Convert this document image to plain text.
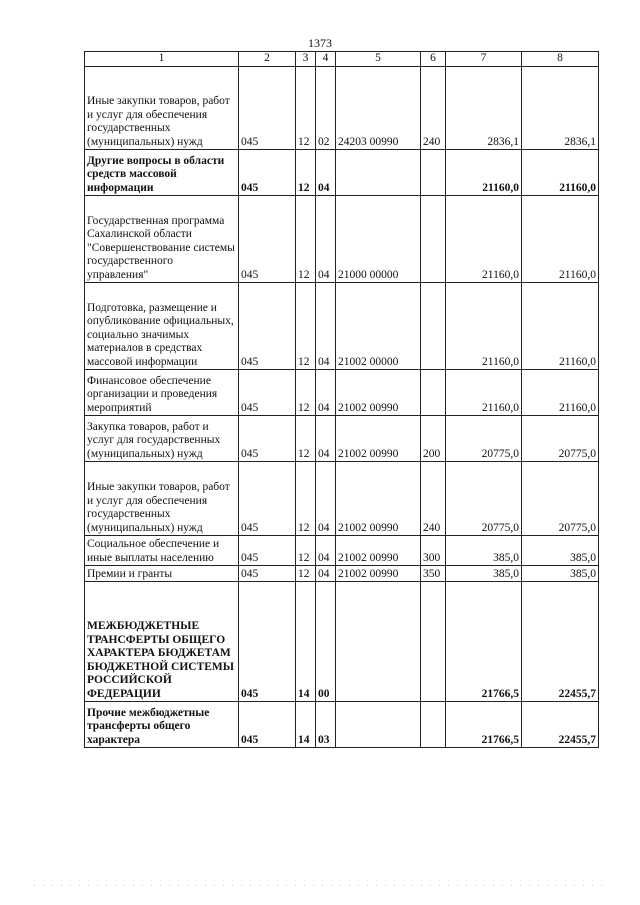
1373
1	2	3	4	5	6	7	8
Иные закупки товаров, работ и услуг для обеспечения государственных (муниципальных) нужд	045	12	02	24203 00990	240	2836,1	2836,1
Другие вопросы в области средств массовой информации	045	12	04			21160,0	21160,0
Государственная программа Сахалинской области "Совершенствование системы государственного управления"	045	12	04	21000 00000		21160,0	21160,0
Подготовка, размещение и опубликование официальных, социально значимых материалов в средствах массовой информации	045	12	04	21002 00000		21160,0	21160,0
Финансовое обеспечение организации и проведения мероприятий	045	12	04	21002 00990		21160,0	21160,0
Закупка товаров, работ и услуг для государственных (муниципальных) нужд	045	12	04	21002 00990	200	20775,0	20775,0
Иные закупки товаров, работ и услуг для обеспечения государственных (муниципальных) нужд	045	12	04	21002 00990	240	20775,0	20775,0
Социальное обеспечение и иные выплаты населению	045	12	04	21002 00990	300	385,0	385,0
Премии и гранты	045	12	04	21002 00990	350	385,0	385,0
МЕЖБЮДЖЕТНЫЕ ТРАНСФЕРТЫ ОБЩЕГО ХАРАКТЕРА БЮДЖЕТАМ БЮДЖЕТНОЙ СИСТЕМЫ РОССИЙСКОЙ ФЕДЕРАЦИИ	045	14	00			21766,5	22455,7
Прочие межбюджетные трансферты общего характера	045	14	03			21766,5	22455,7
